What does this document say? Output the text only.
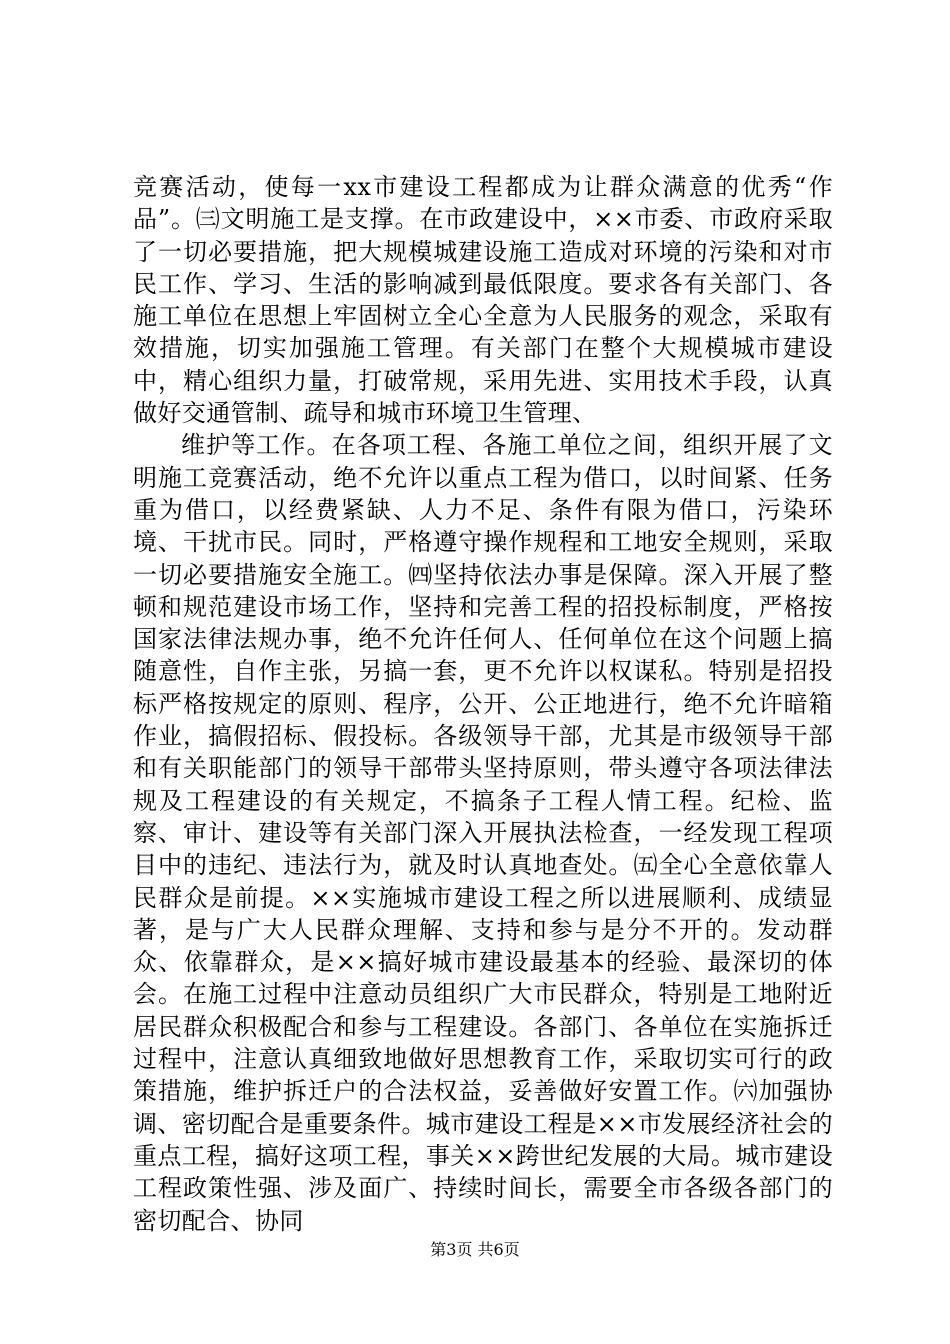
竞赛活动，使每一xx市建设工程都成为让群众满意的优秀“作品”。㈢文明施工是支撑。在市政建设中，××市委、市政府采取了一切必要措施，把大规模城建设施工造成对环境的污染和对市民工作、学习、生活的影响减到最低限度。要求各有关部门、各施工单位在思想上牢固树立全心全意为人民服务的观念，采取有效措施，切实加强施工管理。有关部门在整个大规模城市建设中，精心组织力量，打破常规，采用先进、实用技术手段，认真做好交通管制、疏导和城市环境卫生管理、

维护等工作。在各项工程、各施工单位之间，组织开展了文明施工竞赛活动，绝不允许以重点工程为借口，以时间紧、任务重为借口，以经费紧缺、人力不足、条件有限为借口，污染环境、干扰市民。同时，严格遵守操作规程和工地安全规则，采取一切必要措施安全施工。㈣坚持依法办事是保障。深入开展了整顿和规范建设市场工作，坚持和完善工程的招投标制度，严格按国家法律法规办事，绝不允许任何人、任何单位在这个问题上搞随意性，自作主张，另搞一套，更不允许以权谋私。特别是招投标严格按规定的原则、程序，公开、公正地进行，绝不允许暗箱作业，搞假招标、假投标。各级领导干部，尤其是市级领导干部和有关职能部门的领导干部带头坚持原则，带头遵守各项法律法规及工程建设的有关规定，不搞条子工程人情工程。纪检、监察、审计、建设等有关部门深入开展执法检查，一经发现工程项目中的违纪、违法行为，就及时认真地查处。㈤全心全意依靠人民群众是前提。××实施城市建设工程之所以进展顺利、成绩显著，是与广大人民群众理解、支持和参与是分不开的。发动群众、依靠群众，是××搞好城市建设最基本的经验、最深切的体会。在施工过程中注意动员组织广大市民群众，特别是工地附近居民群众积极配合和参与工程建设。各部门、各单位在实施拆迁过程中，注意认真细致地做好思想教育工作，采取切实可行的政策措施，维护拆迁户的合法权益，妥善做好安置工作。㈥加强协调、密切配合是重要条件。城市建设工程是××市发展经济社会的重点工程，搞好这项工程，事关××跨世纪发展的大局。城市建设工程政策性强、涉及面广、持续时间长，需要全市各级各部门的密切配合、协同

第3页 共6页
